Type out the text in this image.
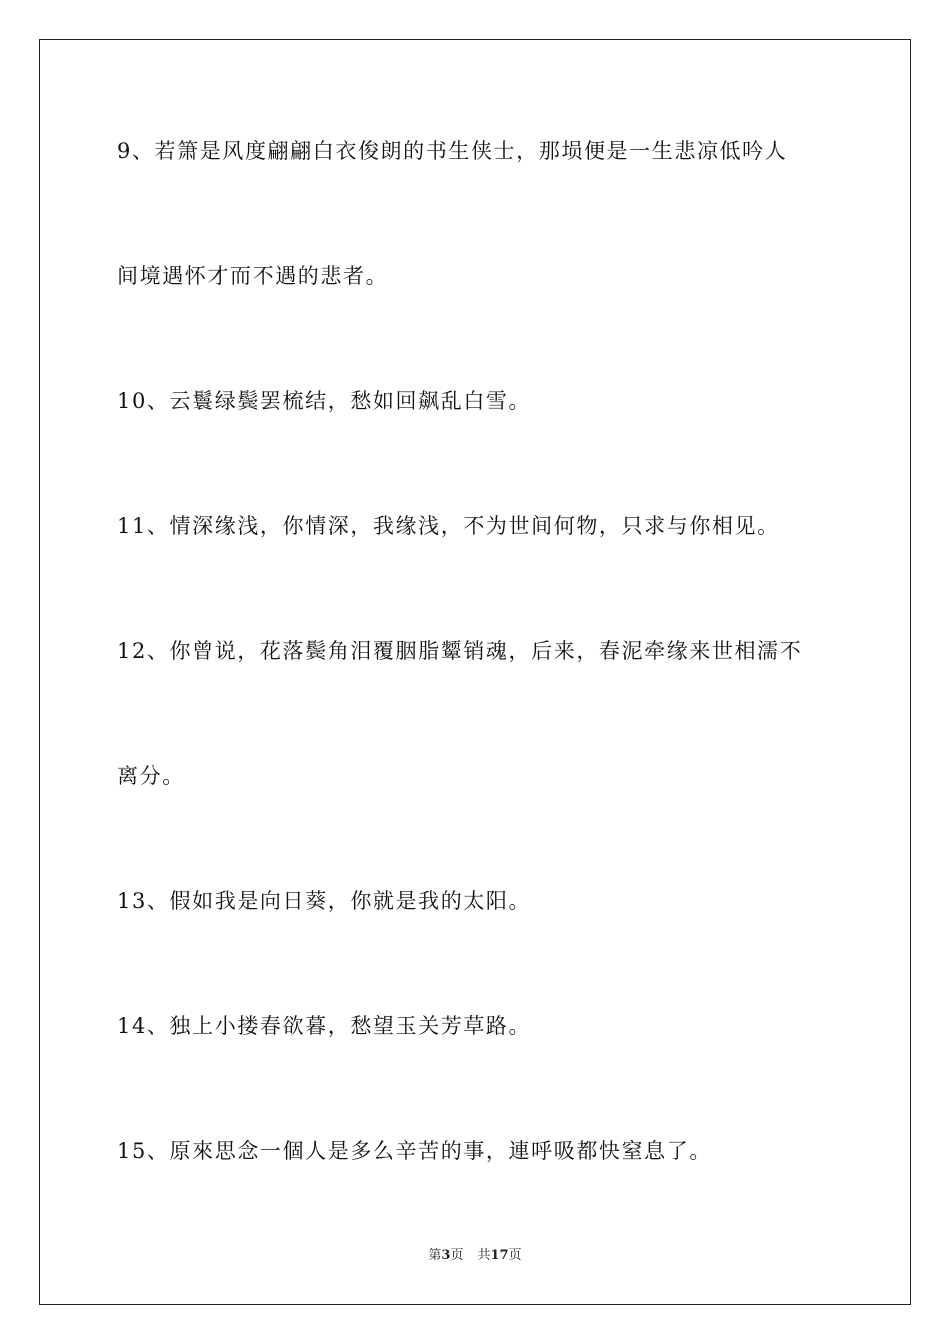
9、若箫是风度翩翩白衣俊朗的书生侠士，那埙便是一生悲凉低吟人
间境遇怀才而不遇的悲者。
10、云鬟绿鬓罢梳结，愁如回飙乱白雪。
11、情深缘浅，你情深，我缘浅，不为世间何物，只求与你相见。
12、你曾说，花落鬓角泪覆胭脂颦销魂，后来，春泥牵缘来世相濡不
离分。
13、假如我是向日葵，你就是我的太阳。
14、独上小搂春欲暮，愁望玉关芳草路。
15、原來思念一個人是多么辛苦的事，連呼吸都快窒息了。
第3页 共17页
